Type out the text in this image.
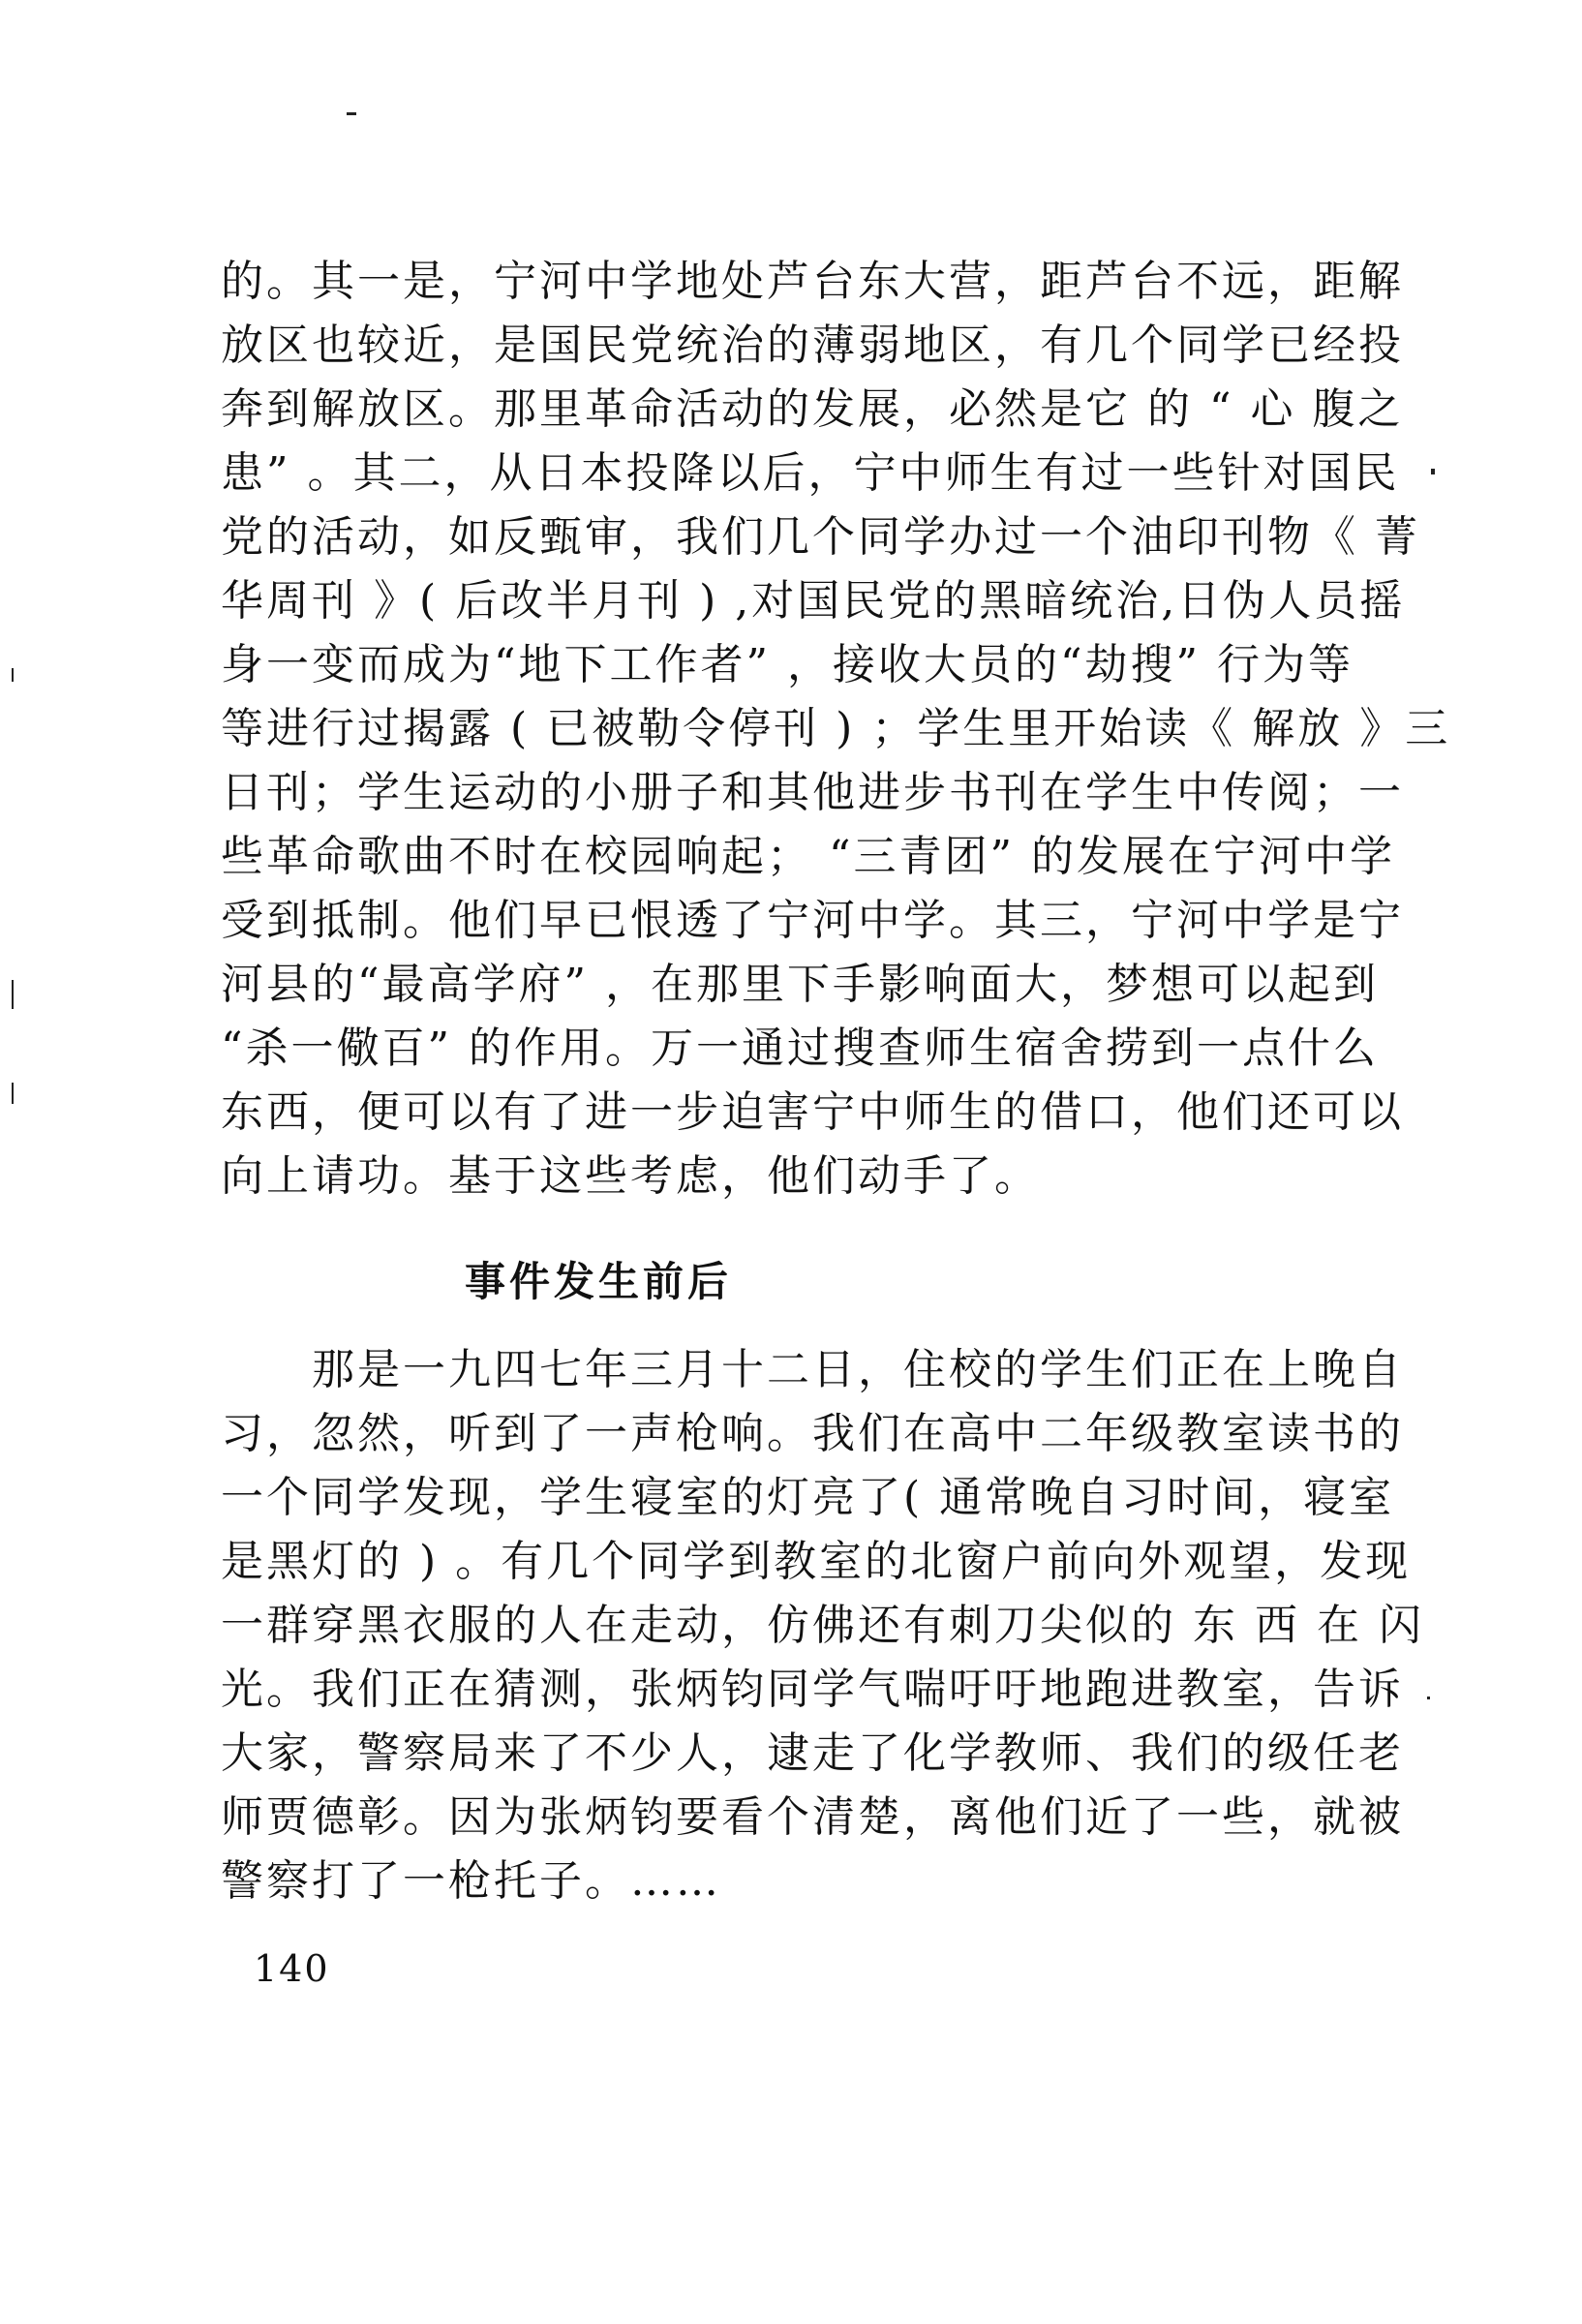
的。其一是，宁河中学地处芦台东大营，距芦台不远，距解
放区也较近，是国民党统治的薄弱地区，有几个同学已经投
奔到解放区。那里革命活动的发展，必然是它 的 “ 心 腹之
患” 。其二，从日本投降以后，宁中师生有过一些针对国民
党的活动，如反甄审，我们几个同学办过一个油印刊物《 菁
华周刊 》( 后改半月刊 ) ,对国民党的黑暗统治,日伪人员摇
身一变而成为“地下工作者” ，接收大员的“劫搜” 行为等
等进行过揭露 ( 已被勒令停刊 ) ；学生里开始读《 解放 》三
日刊；学生运动的小册子和其他进步书刊在学生中传阅；一
些革命歌曲不时在校园响起； “三青团” 的发展在宁河中学
受到抵制。他们早已恨透了宁河中学。其三，宁河中学是宁
河县的“最高学府” ，在那里下手影响面大，梦想可以起到
“杀一儆百” 的作用。万一通过搜查师生宿舍捞到一点什么
东西，便可以有了进一步迫害宁中师生的借口，他们还可以
向上请功。基于这些考虑，他们动手了。
事件发生前后
　　那是一九四七年三月十二日，住校的学生们正在上晚自
习，忽然，听到了一声枪响。我们在高中二年级教室读书的
一个同学发现，学生寝室的灯亮了( 通常晚自习时间，寝室
是黑灯的 ) 。有几个同学到教室的北窗户前向外观望，发现
一群穿黑衣服的人在走动，仿佛还有刺刀尖似的 东 西 在 闪
光。我们正在猜测，张炳钧同学气喘吁吁地跑进教室，告诉
大家，警察局来了不少人，逮走了化学教师、我们的级任老
师贾德彰。因为张炳钧要看个清楚，离他们近了一些，就被
警察打了一枪托子。……
140
